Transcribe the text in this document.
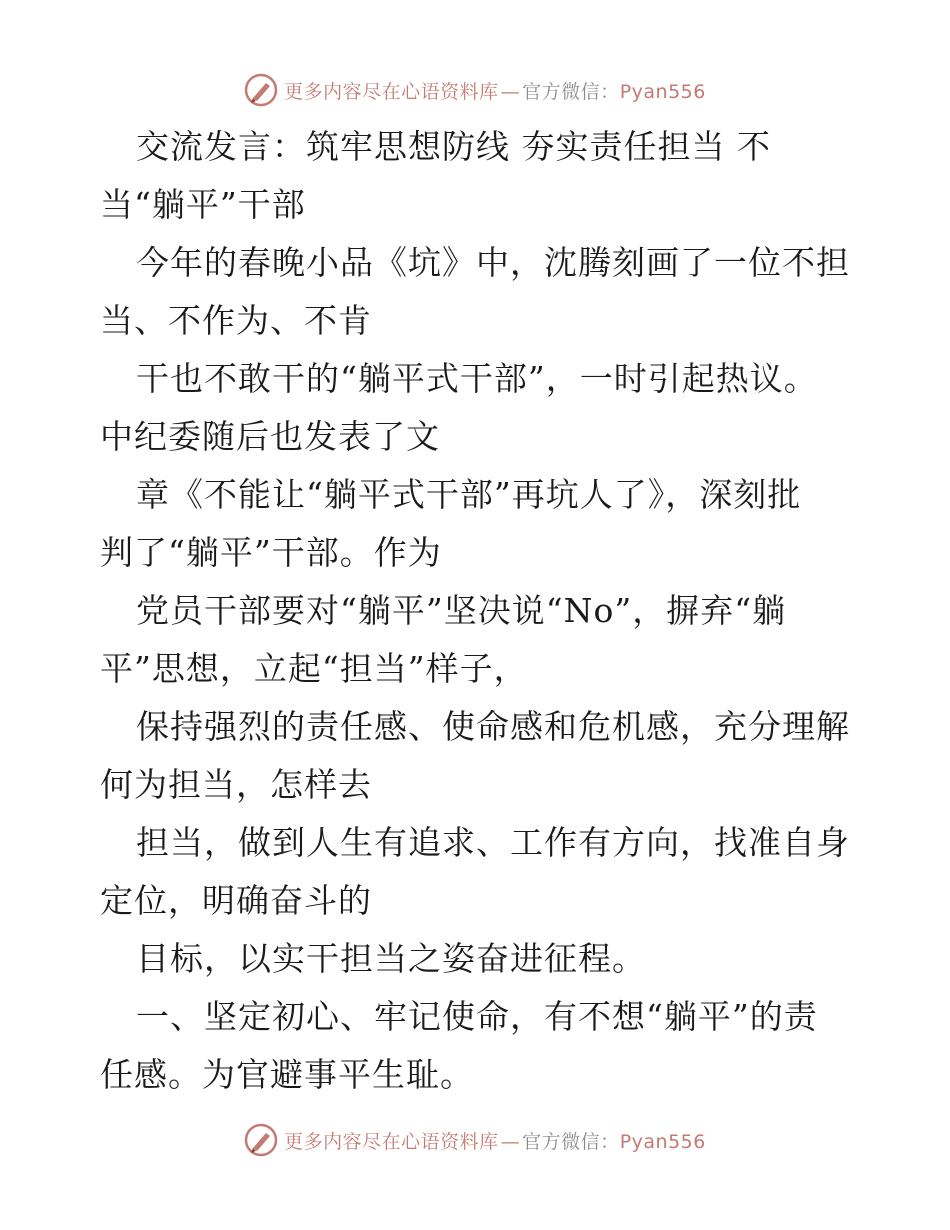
更多内容尽在心语资料库 — 官方微信：Pyan556
交流发言：筑牢思想防线 夯实责任担当 不
当“躺平”干部
今年的春晚小品《坑》中，沈腾刻画了一位不担
当、不作为、不肯
干也不敢干的“躺平式干部”，一时引起热议。
中纪委随后也发表了文
章《不能让“躺平式干部”再坑人了》，深刻批
判了“躺平”干部。作为
党员干部要对“躺平”坚决说“No”，摒弃“躺
平”思想，立起“担当”样子，
保持强烈的责任感、使命感和危机感，充分理解
何为担当，怎样去
担当，做到人生有追求、工作有方向，找准自身
定位，明确奋斗的
目标，以实干担当之姿奋进征程。
一、坚定初心、牢记使命，有不想“躺平”的责
任感。为官避事平生耻。
更多内容尽在心语资料库 — 官方微信：Pyan556
